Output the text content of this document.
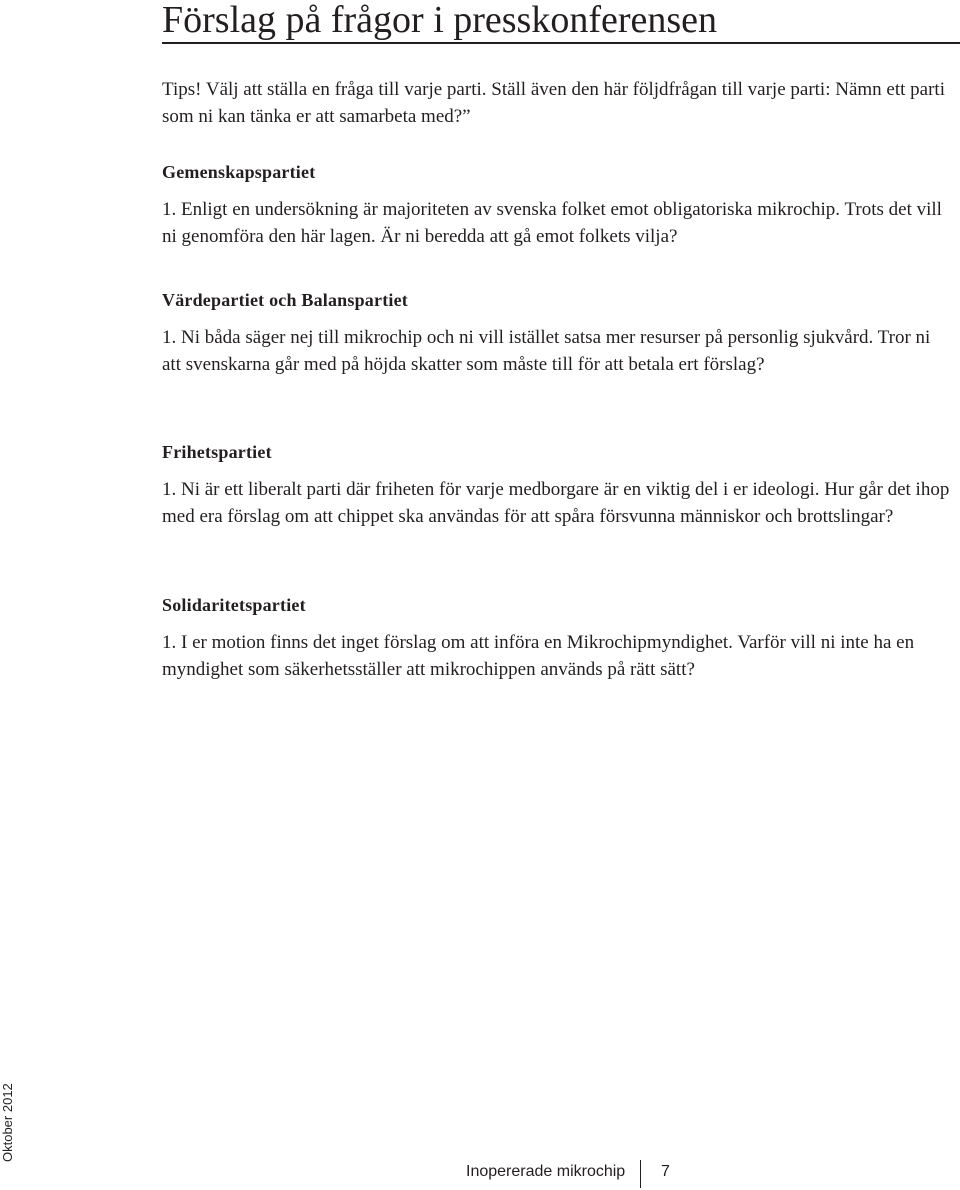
Förslag på frågor i presskonferensen

Tips! Välj att ställa en fråga till varje parti. Ställ även den här följdfrågan till varje parti: Nämn ett parti som ni kan tänka er att samarbeta med?”

Gemenskapspartiet

1. Enligt en undersökning är majoriteten av svenska folket emot obligatoriska mikrochip. Trots det vill ni genomföra den här lagen. Är ni beredda att gå emot folkets vilja?

Värdepartiet och Balanspartiet

1. Ni båda säger nej till mikrochip och ni vill istället satsa mer resurser på personlig sjukvård. Tror ni att svenskarna går med på höjda skatter som måste till för att betala ert förslag?

Frihetspartiet

1. Ni är ett liberalt parti där friheten för varje medborgare är en viktig del i er ideologi. Hur går det ihop med era förslag om att chippet ska användas för att spåra försvunna människor och brottslingar?

Solidaritetspartiet

1. I er motion finns det inget förslag om att införa en Mikrochipmyndighet. Varför vill ni inte ha en myndighet som säkerhetsställer att mikrochippen används på rätt sätt?

Oktober 2012
Inopererade mikrochip 7
